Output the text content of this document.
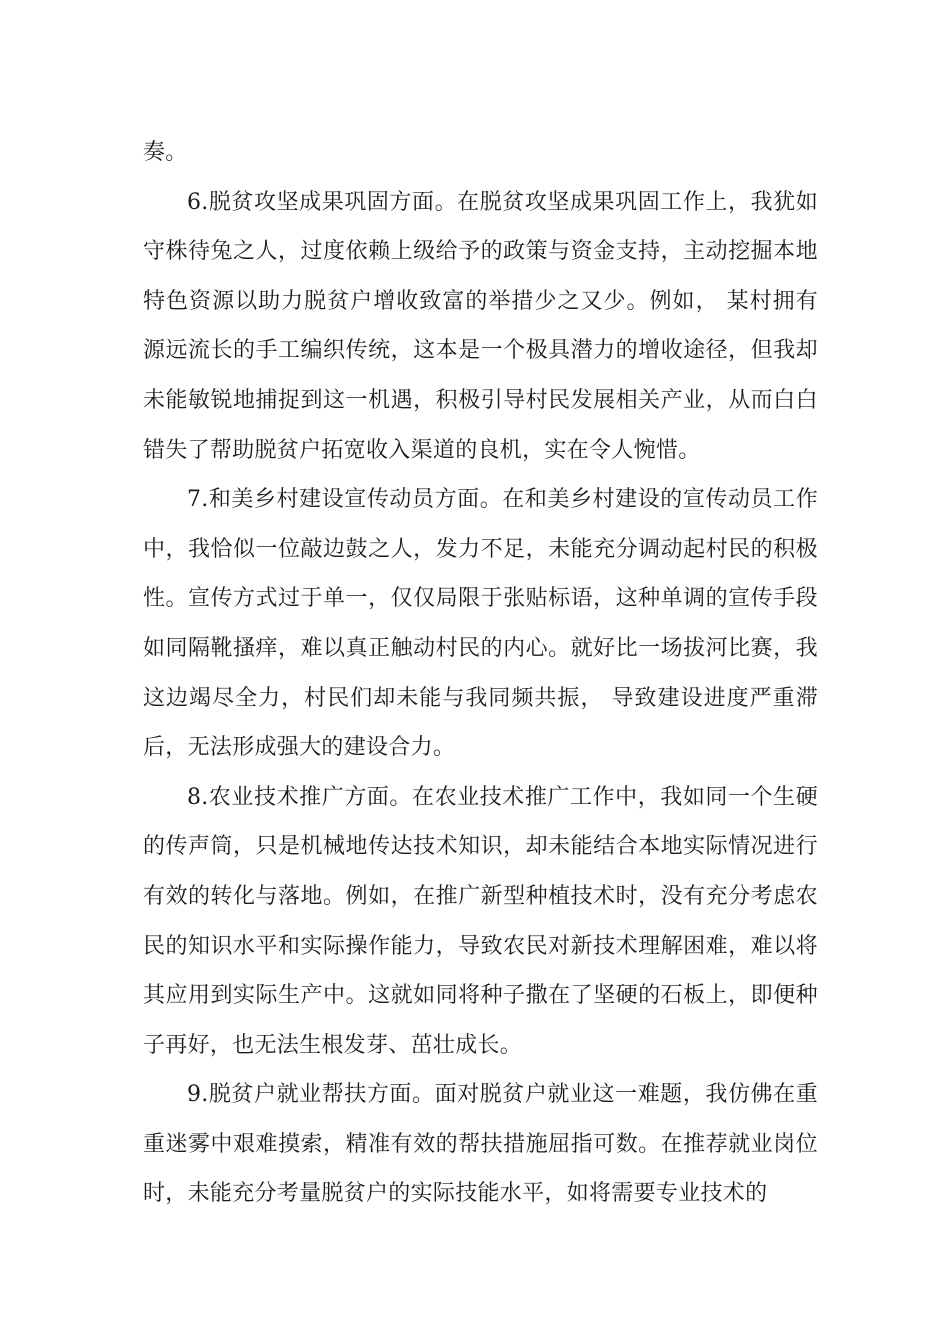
奏。

6.脱贫攻坚成果巩固方面。在脱贫攻坚成果巩固工作上，我犹如守株待兔之人，过度依赖上级给予的政策与资金支持，主动挖掘本地特色资源以助力脱贫户增收致富的举措少之又少。例如， 某村拥有源远流长的手工编织传统，这本是一个极具潜力的增收途径，但我却未能敏锐地捕捉到这一机遇，积极引导村民发展相关产业，从而白白错失了帮助脱贫户拓宽收入渠道的良机，实在令人惋惜。

7.和美乡村建设宣传动员方面。在和美乡村建设的宣传动员工作中，我恰似一位敲边鼓之人，发力不足，未能充分调动起村民的积极性。宣传方式过于单一，仅仅局限于张贴标语，这种单调的宣传手段如同隔靴搔痒，难以真正触动村民的内心。就好比一场拔河比赛，我这边竭尽全力，村民们却未能与我同频共振， 导致建设进度严重滞后，无法形成强大的建设合力。

8.农业技术推广方面。在农业技术推广工作中，我如同一个生硬的传声筒，只是机械地传达技术知识，却未能结合本地实际情况进行有效的转化与落地。例如，在推广新型种植技术时，没有充分考虑农民的知识水平和实际操作能力，导致农民对新技术理解困难，难以将其应用到实际生产中。这就如同将种子撒在了坚硬的石板上，即便种子再好，也无法生根发芽、茁壮成长。

9.脱贫户就业帮扶方面。面对脱贫户就业这一难题，我仿佛在重重迷雾中艰难摸索，精准有效的帮扶措施屈指可数。在推荐就业岗位时，未能充分考量脱贫户的实际技能水平，如将需要专业技术的
